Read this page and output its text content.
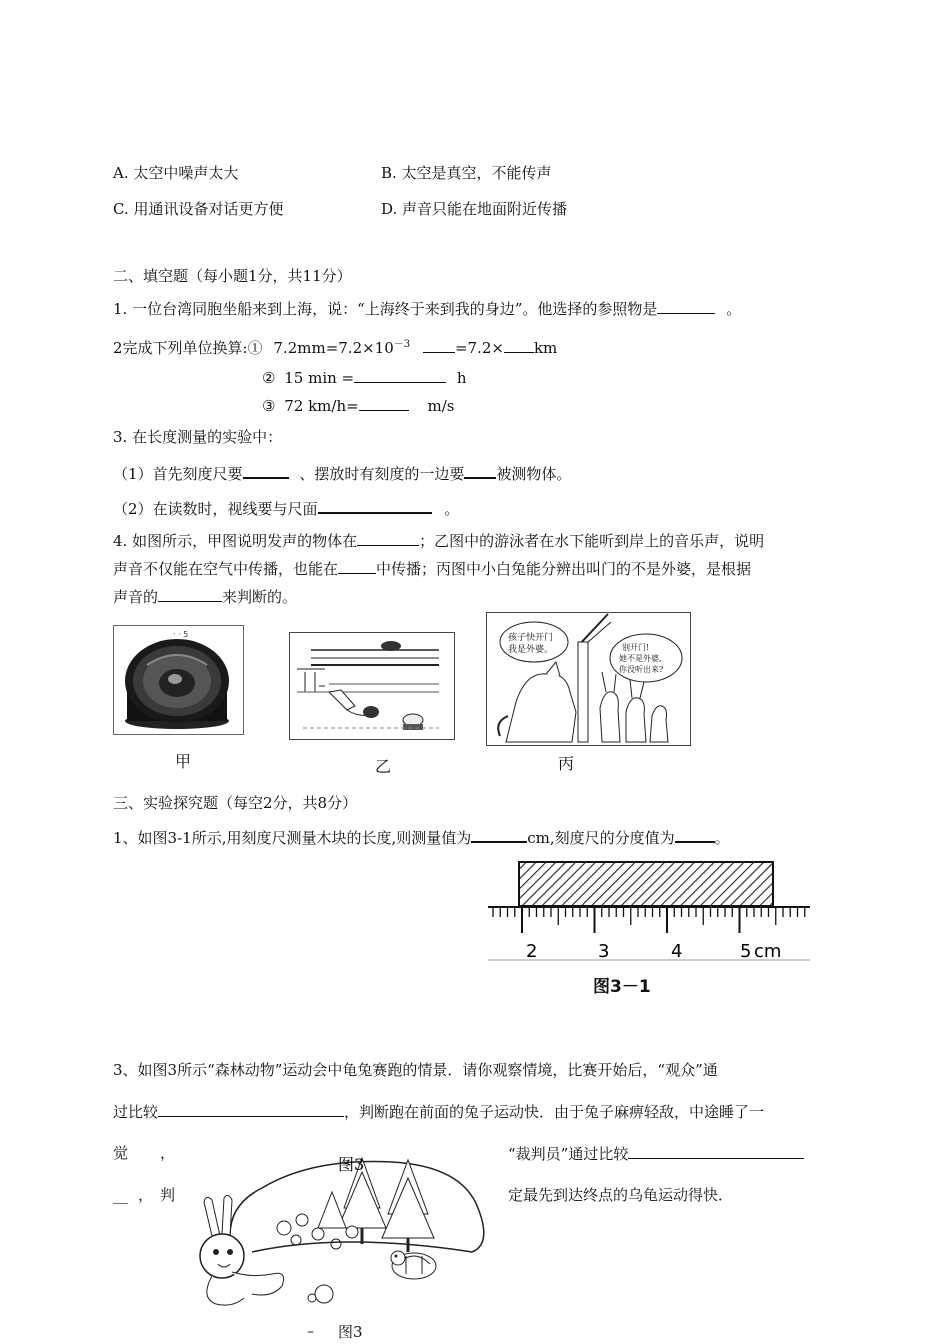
A. 太空中噪声太大	B. 太空是真空，不能传声
C. 用通讯设备对话更方便	D. 声音只能在地面附近传播
二、填空题（每小题1分，共11分）
1. 一位台湾同胞坐船来到上海，说：“上海终于来到我的身边”。他选择的参照物是	。
2完成下列单位换算:① $7.2mm=7.2\times 10^{-3}$	=7.2× km
② 15 min =	h
③ 72 km/h=	m/s
3. 在长度测量的实验中：
（1）首先刻度尺要	、摆放时有刻度的一边要 被测物体。
（2）在读数时，视线要与尺面	。
4. 如图所示，甲图说明发声的物体在	；乙图中的游泳者在水下能听到岸上的音乐声，说明
声音不仅能在空气中传播，也能在	中传播；丙图中小白兔能分辨出叫门的不是外婆，是根据
声音的	来判断的。
· · 5
甲	乙
孩子快开门
我是外婆。	别开门!
她不是外婆,
你没听出来?
丙
三、实验探究题（每空2分，共8分）
1、如图3-1所示,用刻度尺测量木块的长度,则测量值为	cm,刻度尺的分度值为	。
2	3	4	5 cm
图3－1
3、如图3所示“森林动物”运动会中龟兔赛跑的情景．请你观察情境，比赛开始后，“观众”通
过比较	，判断跑在前面的兔子运动快．由于兔子麻痹轻敌，中途睡了一
觉 ，	“裁判员”通过比较
__ ， 判	定最先到达终点的乌龟运动得快．
图3
图3
–
